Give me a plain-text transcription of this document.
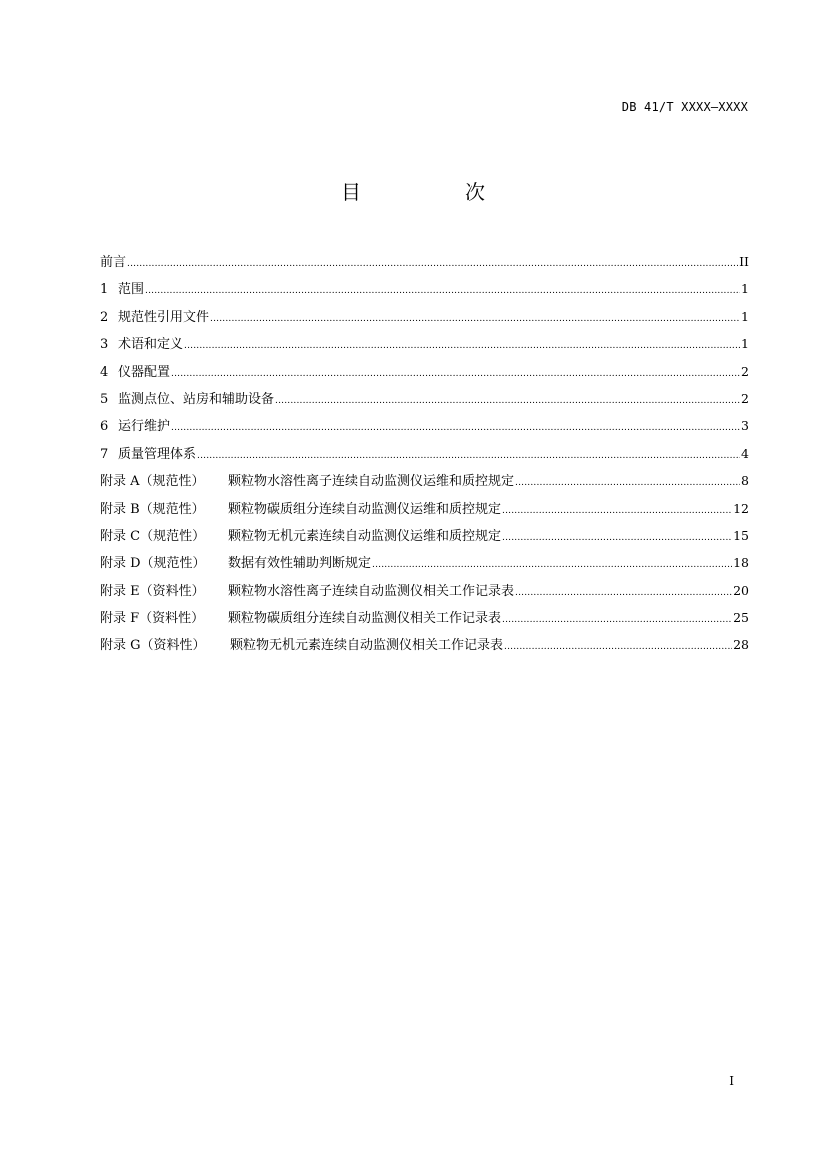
DB 41/T XXXX—XXXX
目　次
前言 .....	II
1 范围 .....	1
2 规范性引用文件 .....	1
3 术语和定义 .....	1
4 仪器配置 .....	2
5 监测点位、站房和辅助设备 .....	2
6 运行维护 .....	3
7 质量管理体系 .....	4
附录 A（规范性）	颗粒物水溶性离子连续自动监测仪运维和质控规定 .....	8
附录 B（规范性）	颗粒物碳质组分连续自动监测仪运维和质控规定 .....	12
附录 C（规范性）	颗粒物无机元素连续自动监测仪运维和质控规定 .....	15
附录 D（规范性）	数据有效性辅助判断规定 .....	18
附录 E（资料性）	颗粒物水溶性离子连续自动监测仪相关工作记录表 .....	20
附录 F（资料性）	颗粒物碳质组分连续自动监测仪相关工作记录表 .....	25
附录 G（资料性）	颗粒物无机元素连续自动监测仪相关工作记录表 .....	28
I
